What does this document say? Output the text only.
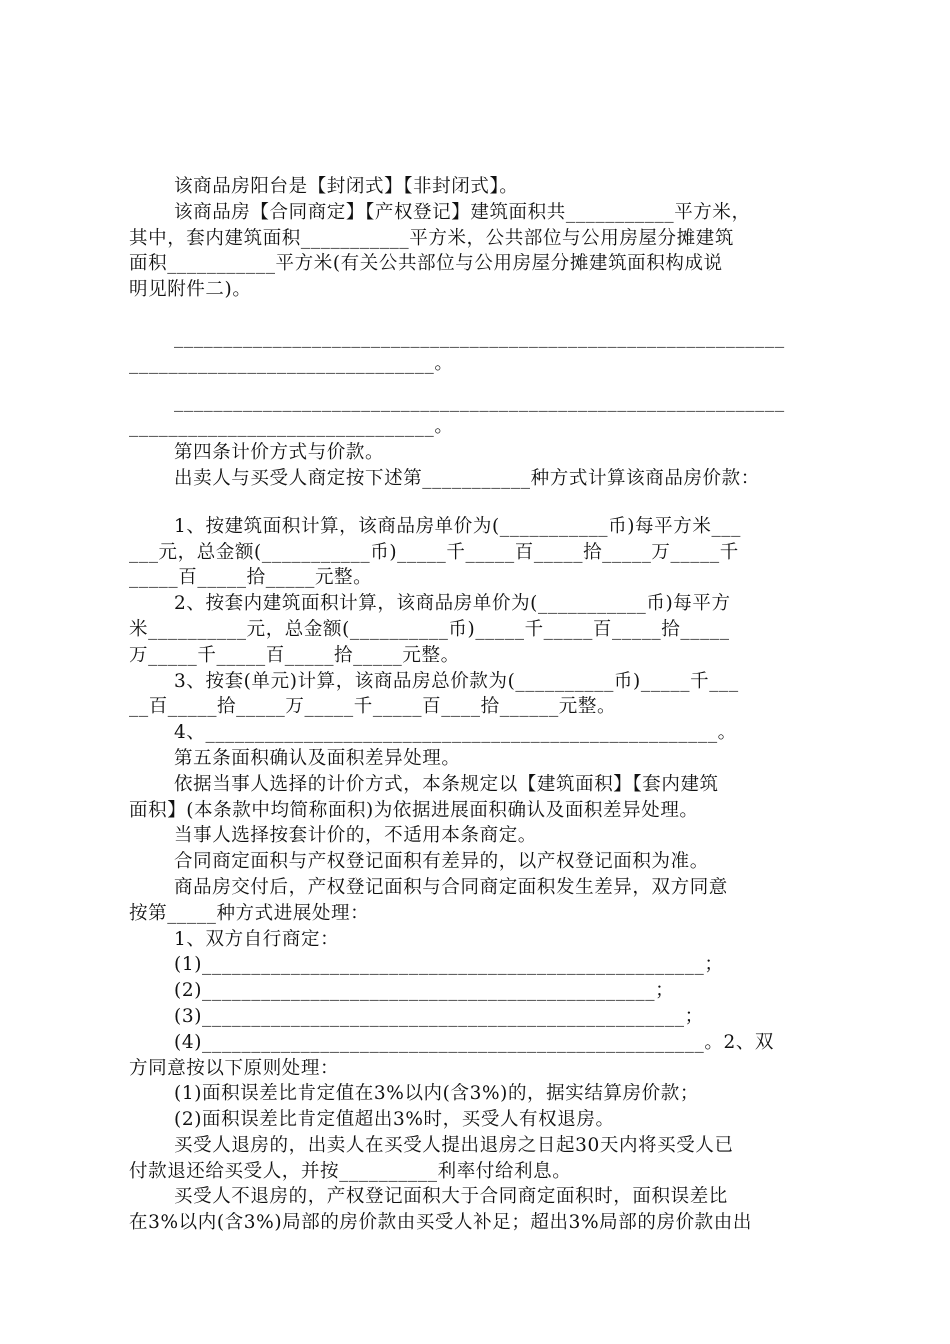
该商品房阳台是【封闭式】【非封闭式】。

该商品房【合同商定】【产权登记】建筑面积共___________平方米，

其中，套内建筑面积___________平方米，公共部位与公用房屋分摊建筑

面积___________平方米(有关公共部位与公用房屋分摊建筑面积构成说

明见附件二)。

______________________________________________________________

_______________________________。

______________________________________________________________

_______________________________。

第四条计价方式与价款。

出卖人与买受人商定按下述第___________种方式计算该商品房价款：

1、按建筑面积计算，该商品房单价为(___________币)每平方米___

___元，总金额(___________币)_____千_____百_____拾_____万_____千

_____百_____拾_____元整。

2、按套内建筑面积计算，该商品房单价为(___________币)每平方

米__________元，总金额(__________币)_____千_____百_____拾_____

万_____千_____百_____拾_____元整。

3、按套(单元)计算，该商品房总价款为(__________币)_____千___

__百_____拾_____万_____千_____百____拾______元整。

4、____________________________________________________。

第五条面积确认及面积差异处理。

依据当事人选择的计价方式，本条规定以【建筑面积】【套内建筑

面积】(本条款中均简称面积)为依据进展面积确认及面积差异处理。

当事人选择按套计价的，不适用本条商定。

合同商定面积与产权登记面积有差异的，以产权登记面积为准。

商品房交付后，产权登记面积与合同商定面积发生差异，双方同意

按第_____种方式进展处理：

1、双方自行商定：

(1)___________________________________________________；

(2)______________________________________________；

(3)_________________________________________________；

(4)___________________________________________________。2、双

方同意按以下原则处理：

(1)面积误差比肯定值在3%以内(含3%)的，据实结算房价款；

(2)面积误差比肯定值超出3%时，买受人有权退房。

买受人退房的，出卖人在买受人提出退房之日起30天内将买受人已

付款退还给买受人，并按__________利率付给利息。

买受人不退房的，产权登记面积大于合同商定面积时，面积误差比

在3%以内(含3%)局部的房价款由买受人补足；超出3%局部的房价款由出
